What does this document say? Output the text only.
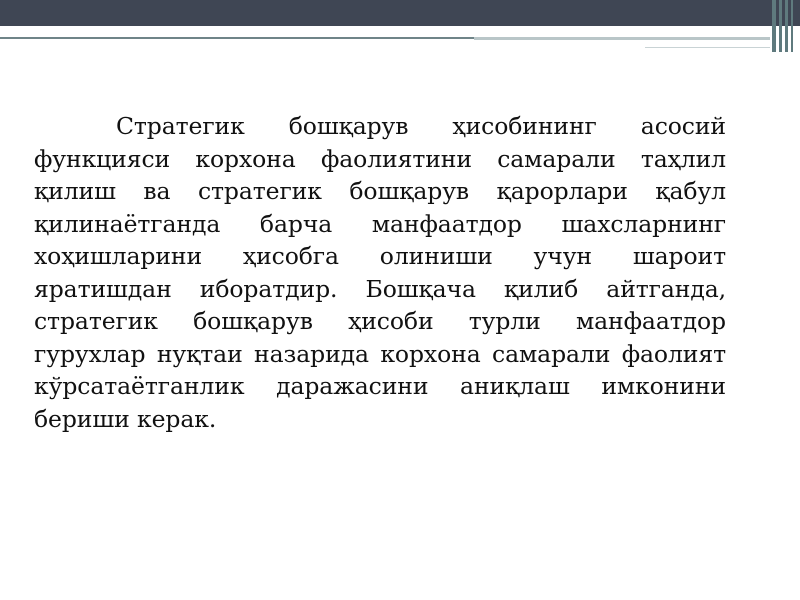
Стратегик бошқарув ҳисобининг асосий функцияси корхона фаолиятини самарали таҳлил қилиш ва стратегик бошқарув қарорлари қабул қилинаётганда барча манфаатдор шахсларнинг хоҳишларини ҳисобга олиниши учун шароит яратишдан иборатдир. Бошқача қилиб айтганда, стратегик бошқарув ҳисоби турли манфаатдор гурухлар нуқтаи назарида корхона самарали фаолият кўрсатаётганлик даражасини аниқлаш имконини бериши керак.
